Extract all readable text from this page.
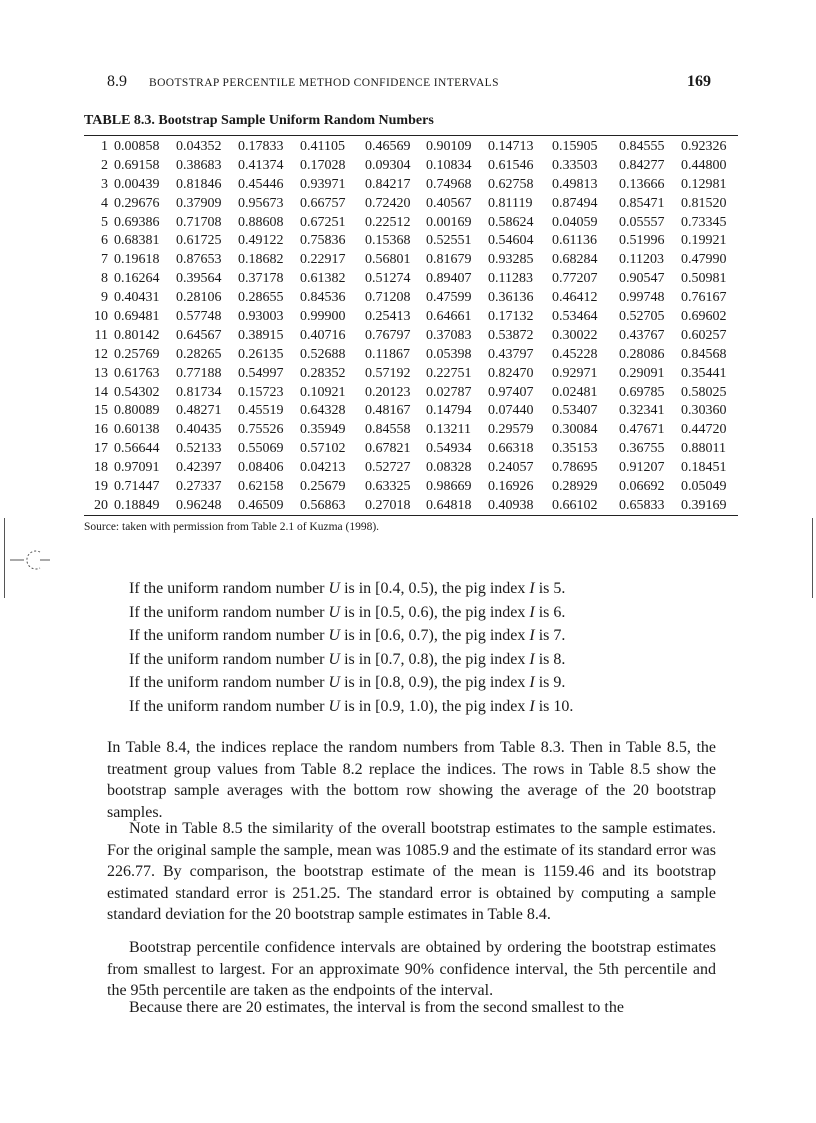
8.9 BOOTSTRAP PERCENTILE METHOD CONFIDENCE INTERVALS	169
TABLE 8.3. Bootstrap Sample Uniform Random Numbers
1 0.00858 0.04352 0.17833 0.41105 0.46569 0.90109 0.14713 0.15905 0.84555 0.92326
2 0.69158 0.38683 0.41374 0.17028 0.09304 0.10834 0.61546 0.33503 0.84277 0.44800
3 0.00439 0.81846 0.45446 0.93971 0.84217 0.74968 0.62758 0.49813 0.13666 0.12981
4 0.29676 0.37909 0.95673 0.66757 0.72420 0.40567 0.81119 0.87494 0.85471 0.81520
5 0.69386 0.71708 0.88608 0.67251 0.22512 0.00169 0.58624 0.04059 0.05557 0.73345
6 0.68381 0.61725 0.49122 0.75836 0.15368 0.52551 0.54604 0.61136 0.51996 0.19921
7 0.19618 0.87653 0.18682 0.22917 0.56801 0.81679 0.93285 0.68284 0.11203 0.47990
8 0.16264 0.39564 0.37178 0.61382 0.51274 0.89407 0.11283 0.77207 0.90547 0.50981
9 0.40431 0.28106 0.28655 0.84536 0.71208 0.47599 0.36136 0.46412 0.99748 0.76167
10 0.69481 0.57748 0.93003 0.99900 0.25413 0.64661 0.17132 0.53464 0.52705 0.69602
11 0.80142 0.64567 0.38915 0.40716 0.76797 0.37083 0.53872 0.30022 0.43767 0.60257
12 0.25769 0.28265 0.26135 0.52688 0.11867 0.05398 0.43797 0.45228 0.28086 0.84568
13 0.61763 0.77188 0.54997 0.28352 0.57192 0.22751 0.82470 0.92971 0.29091 0.35441
14 0.54302 0.81734 0.15723 0.10921 0.20123 0.02787 0.97407 0.02481 0.69785 0.58025
15 0.80089 0.48271 0.45519 0.64328 0.48167 0.14794 0.07440 0.53407 0.32341 0.30360
16 0.60138 0.40435 0.75526 0.35949 0.84558 0.13211 0.29579 0.30084 0.47671 0.44720
17 0.56644 0.52133 0.55069 0.57102 0.67821 0.54934 0.66318 0.35153 0.36755 0.88011
18 0.97091 0.42397 0.08406 0.04213 0.52727 0.08328 0.24057 0.78695 0.91207 0.18451
19 0.71447 0.27337 0.62158 0.25679 0.63325 0.98669 0.16926 0.28929 0.06692 0.05049
20 0.18849 0.96248 0.46509 0.56863 0.27018 0.64818 0.40938 0.66102 0.65833 0.39169
Source: taken with permission from Table 2.1 of Kuzma (1998).
If the uniform random number U is in [0.4, 0.5), the pig index I is 5.
If the uniform random number U is in [0.5, 0.6), the pig index I is 6.
If the uniform random number U is in [0.6, 0.7), the pig index I is 7.
If the uniform random number U is in [0.7, 0.8), the pig index I is 8.
If the uniform random number U is in [0.8, 0.9), the pig index I is 9.
If the uniform random number U is in [0.9, 1.0), the pig index I is 10.
In Table 8.4, the indices replace the random numbers from Table 8.3. Then in Table 8.5, the treatment group values from Table 8.2 replace the indices. The rows in Table 8.5 show the bootstrap sample averages with the bottom row showing the average of the 20 bootstrap samples.
Note in Table 8.5 the similarity of the overall bootstrap estimates to the sample estimates. For the original sample the sample, mean was 1085.9 and the estimate of its standard error was 226.77. By comparison, the bootstrap estimate of the mean is 1159.46 and its bootstrap estimated standard error is 251.25. The standard error is obtained by computing a sample standard deviation for the 20 bootstrap sample estimates in Table 8.4.
Bootstrap percentile confidence intervals are obtained by ordering the bootstrap estimates from smallest to largest. For an approximate 90% confidence interval, the 5th percentile and the 95th percentile are taken as the endpoints of the interval.
Because there are 20 estimates, the interval is from the second smallest to the
